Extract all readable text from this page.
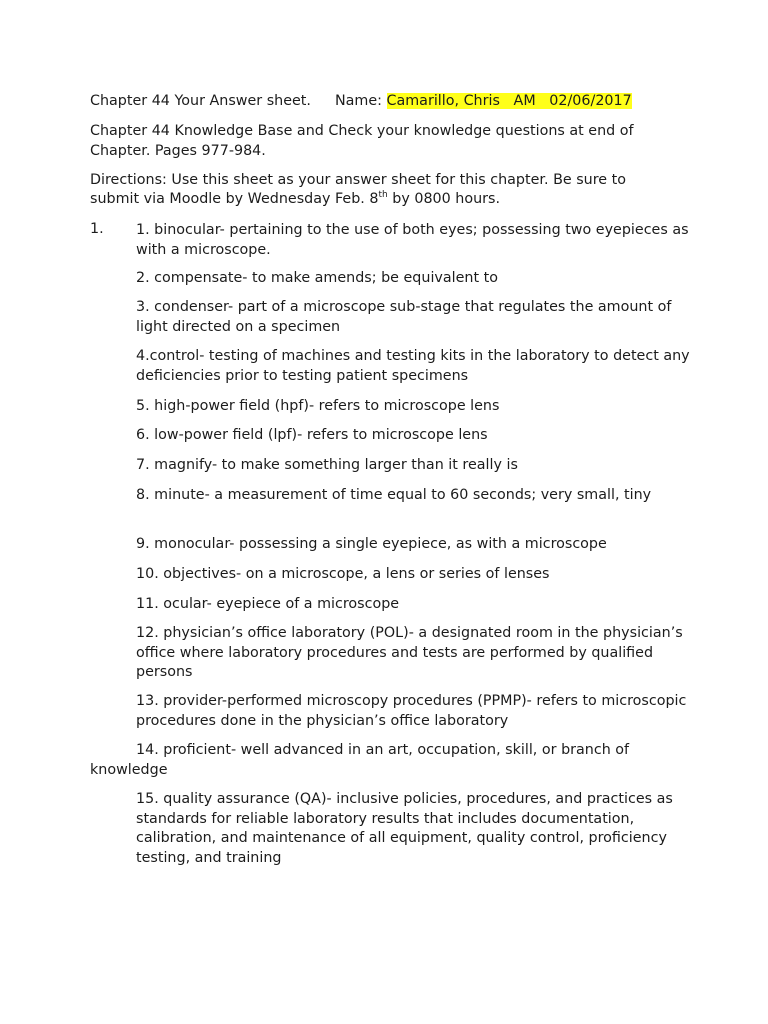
Chapter 44 Your Answer sheet. Name: Camarillo, Chris   AM   02/06/2017
Chapter 44 Knowledge Base and Check your knowledge questions at end of
Chapter. Pages 977-984.
Directions: Use this sheet as your answer sheet for this chapter. Be sure to
submit via Moodle by Wednesday Feb. 8th by 0800 hours.
1. 1. binocular- pertaining to the use of both eyes; possessing two eyepieces as with a microscope.
2. compensate- to make amends; be equivalent to
3. condenser- part of a microscope sub-stage that regulates the amount of light directed on a specimen
4.control- testing of machines and testing kits in the laboratory to detect any deficiencies prior to testing patient specimens
5. high-power field (hpf)- refers to microscope lens
6. low-power field (lpf)- refers to microscope lens
7. magnify- to make something larger than it really is
8. minute- a measurement of time equal to 60 seconds; very small, tiny
9. monocular- possessing a single eyepiece, as with a microscope
10. objectives- on a microscope, a lens or series of lenses
11. ocular- eyepiece of a microscope
12. physician’s office laboratory (POL)- a designated room in the physician’s office where laboratory procedures and tests are performed by qualified persons
13. provider-performed microscopy procedures (PPMP)- refers to microscopic procedures done in the physician’s office laboratory
14. proficient- well advanced in an art, occupation, skill, or branch of knowledge
15. quality assurance (QA)- inclusive policies, procedures, and practices as standards for reliable laboratory results that includes documentation, calibration, and maintenance of all equipment, quality control, proficiency testing, and training
